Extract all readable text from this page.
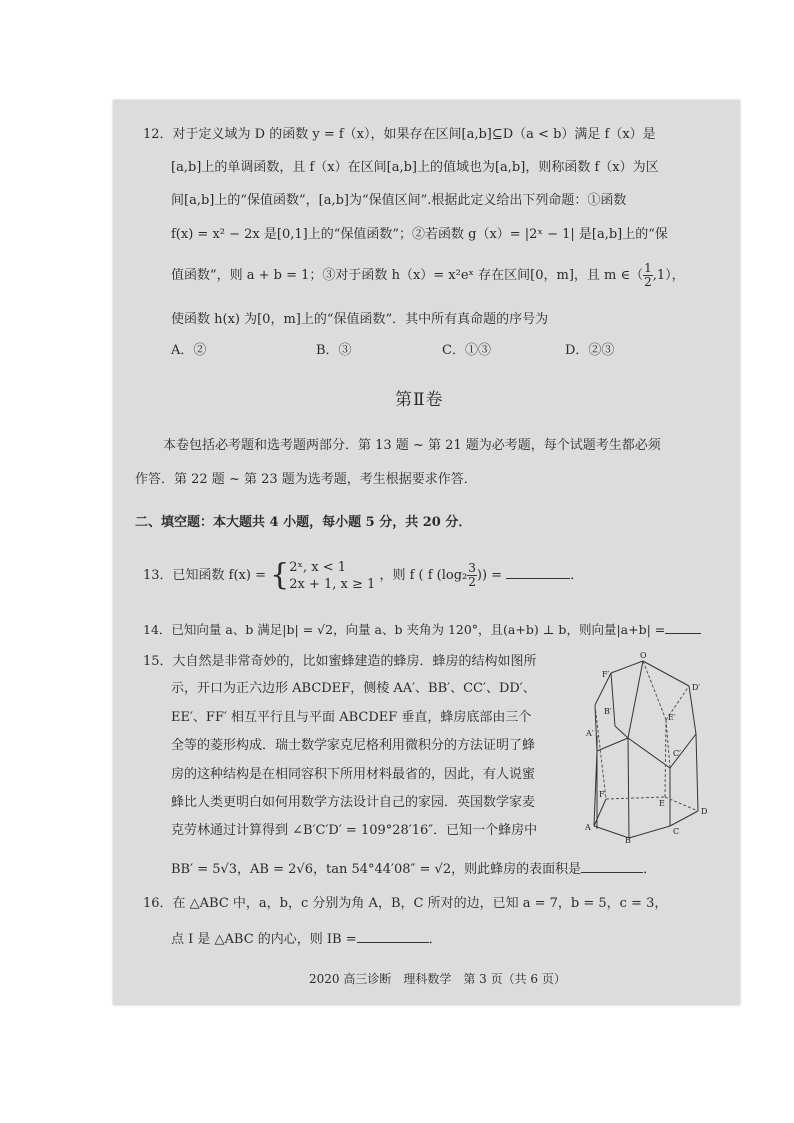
12．对于定义域为 D 的函数 y = f（x），如果存在区间[a,b]⊆D（a < b）满足 f（x）是
[a,b]上的单调函数，且 f（x）在区间[a,b]上的值域也为[a,b]，则称函数 f（x）为区
间[a,b]上的“保值函数”，[a,b]为“保值区间”.根据此定义给出下列命题：①函数
f(x) = x² − 2x 是[0,1]上的“保值函数”；②若函数 g（x）= |2ˣ − 1| 是[a,b]上的“保
值函数”，则 a + b = 1；③对于函数 h（x）= x²eˣ 存在区间[0，m]，且 m ∈（ $\frac{1}{2} ,1$），
使函数 h(x) 为[0，m]上的“保值函数”．其中所有真命题的序号为
A．②	B．③	C．①③	D．②③
第Ⅱ卷
本卷包括必考题和选考题两部分．第 13 题 ~ 第 21 题为必考题，每个试题考生都必须
作答．第 22 题 ~ 第 23 题为选考题，考生根据要求作答．
二、填空题：本大题共 4 小题，每小题 5 分，共 20 分．
13．已知函数 f(x) = { 2ˣ, x < 1
2x + 1, x ≥ 1
，则 f ( f ($\log_2 \frac{3}{2}$ )) =	．
14．已知向量 a、b 满足|b| = √2，向量 a、b 夹角为 120°，且(a+b) ⊥ b，则向量|a+b| =
15．大自然是非常奇妙的，比如蜜蜂建造的蜂房．蜂房的结构如图所
示，开口为正六边形 ABCDEF，侧棱 AA′、BB′、CC′、DD′、
EE′、FF′ 相互平行且与平面 ABCDEF 垂直，蜂房底部由三个
全等的菱形构成．瑞士数学家克尼格利用微积分的方法证明了蜂
房的这种结构是在相同容积下所用材料最省的，因此，有人说蜜
蜂比人类更明白如何用数学方法设计自己的家园．英国数学家麦
克劳林通过计算得到 ∠B′C′D′ = 109°28′16″．已知一个蜂房中
BB′ = 5√3，AB = 2√6，tan 54°44′08″ = √2，则此蜂房的表面积是	．
O
F′
D′
B′
E′
A′
C′
F
E
A
D
B
C
16．在 △ABC 中，a，b，c 分别为角 A，B，C 所对的边，已知 a = 7，b = 5，c = 3，
点 I 是 △ABC 的内心，则 IB =	．
2020 高三诊断　理科数学　第 3 页（共 6 页）
